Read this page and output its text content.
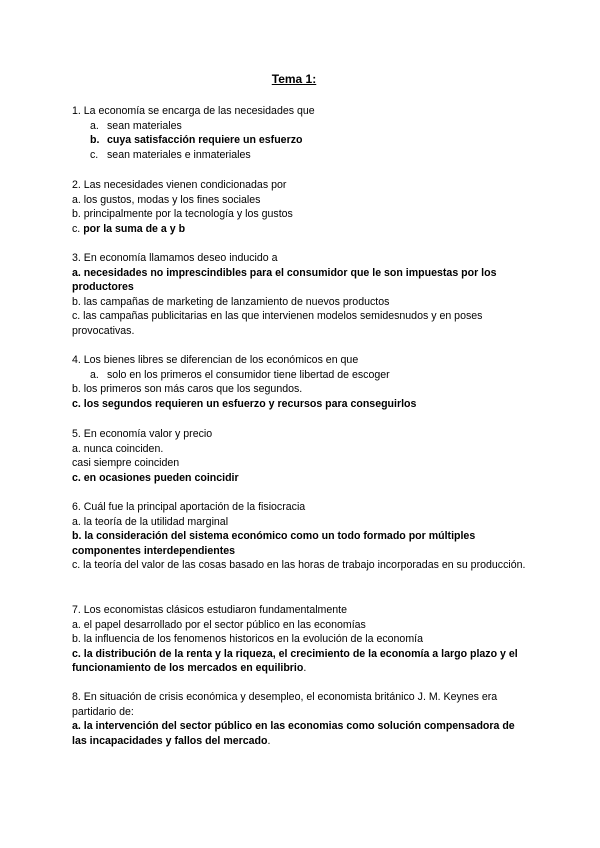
Tema 1:
1. La economía se encarga de las necesidades que
a. sean materiales
b. cuya satisfacción requiere un esfuerzo
c. sean materiales e inmateriales
2. Las necesidades vienen condicionadas por
a. los gustos, modas y los fines sociales
b. principalmente por la tecnología y los gustos
c. por la suma de a y b
3. En economía llamamos deseo inducido a
a. necesidades no imprescindibles para el consumidor que le son impuestas por los productores
b. las campañas de marketing de lanzamiento de nuevos productos
c. las campañas publicitarias en las que intervienen modelos semidesnudos y en poses provocativas.
4. Los bienes libres se diferencian de los económicos en que
a. solo en los primeros el consumidor tiene libertad de escoger
b. los primeros son más caros que los segundos.
c. los segundos requieren un esfuerzo y recursos para conseguirlos
5. En economía valor y precio
a. nunca coinciden.
casi siempre coinciden
c. en ocasiones pueden coincidir
6. Cuál fue la principal aportación de la fisiocracia
a. la teoría de la utilidad marginal
b. la consideración del sistema económico como un todo formado por múltiples componentes interdependientes
c. la teoría del valor de las cosas basado en las horas de trabajo incorporadas en su producción.
7. Los economistas clásicos estudiaron fundamentalmente
a. el papel desarrollado por el sector público en las economías
b. la influencia de los fenomenos historicos en la evolución de la economía
c. la distribución de la renta y la riqueza, el crecimiento de la economía a largo plazo y el funcionamiento de los mercados en equilibrio.
8. En situación de crisis económica y desempleo, el economista británico J. M. Keynes era partidario de:
a. la intervención del sector público en las economias como solución compensadora de las incapacidades y fallos del mercado.
